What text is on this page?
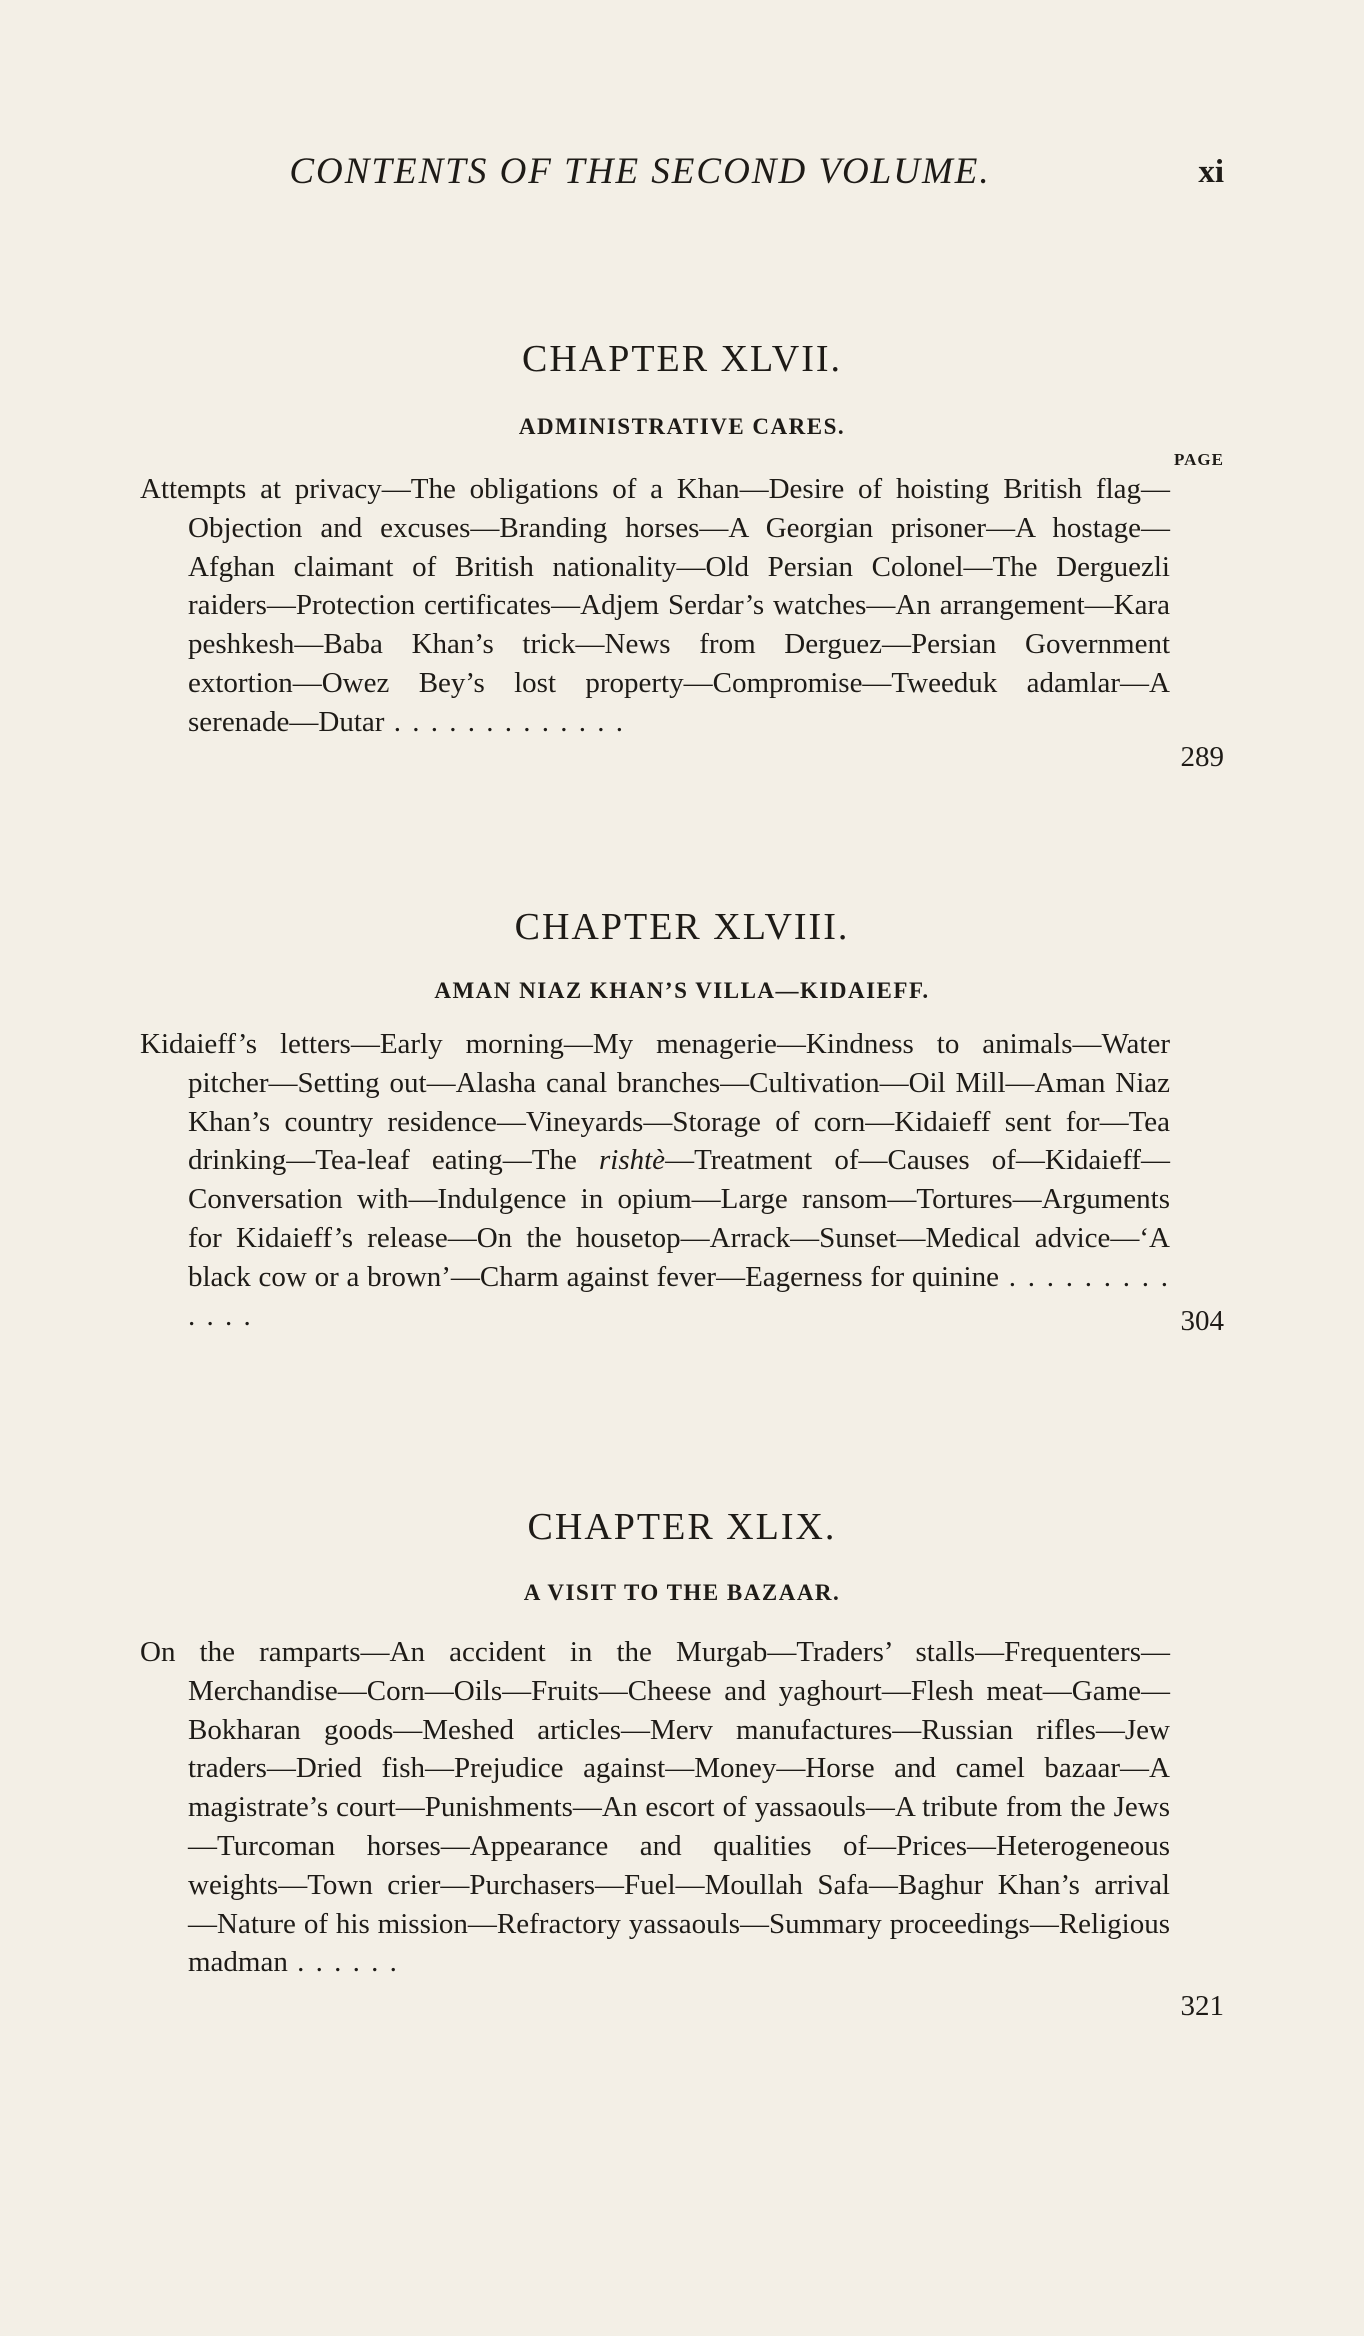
CONTENTS OF THE SECOND VOLUME.	xi
CHAPTER XLVII.
ADMINISTRATIVE CARES.
PAGE
Attempts at privacy—The obligations of a Khan—Desire of hoisting British flag—Objection and excuses—Branding horses—A Georgian prisoner—A hostage—Afghan claimant of British nationality—Old Persian Colonel—The Derguezli raiders—Protection certificates—Adjem Serdar’s watches—An arrangement—Kara peshkesh—Baba Khan’s trick—News from Derguez—Persian Government extortion—Owez Bey’s lost property—Compromise—Tweeduk adamlar—A serenade—Dutar . . . . . . . . . . . . .
289
CHAPTER XLVIII.
AMAN NIAZ KHAN’S VILLA—KIDAIEFF.
Kidaieff’s letters—Early morning—My menagerie—Kindness to animals—Water pitcher—Setting out—Alasha canal branches—Cultivation—Oil Mill—Aman Niaz Khan’s country residence—Vineyards—Storage of corn—Kidaieff sent for—Tea drinking—Tea-leaf eating—The rishtè—Treatment of—Causes of—Kidaieff—Conversation with—Indulgence in opium—Large ransom—Tortures—Arguments for Kidaieff’s release—On the housetop—Arrack—Sunset—Medical advice—‘A black cow or a brown’—Charm against fever—Eagerness for quinine . . . . . . . . . . . . .	304
CHAPTER XLIX.
A VISIT TO THE BAZAAR.
On the ramparts—An accident in the Murgab—Traders’ stalls—Frequenters—Merchandise—Corn—Oils—Fruits—Cheese and yaghourt—Flesh meat—Game—Bokharan goods—Meshed articles—Merv manufactures—Russian rifles—Jew traders—Dried fish—Prejudice against—Money—Horse and camel bazaar—A magistrate’s court—Punishments—An escort of yassaouls—A tribute from the Jews—Turcoman horses—Appearance and qualities of—Prices—Heterogeneous weights—Town crier—Purchasers—Fuel—Moullah Safa—Baghur Khan’s arrival—Nature of his mission—Refractory yassaouls—Summary proceedings—Religious madman . . . . . .
321
